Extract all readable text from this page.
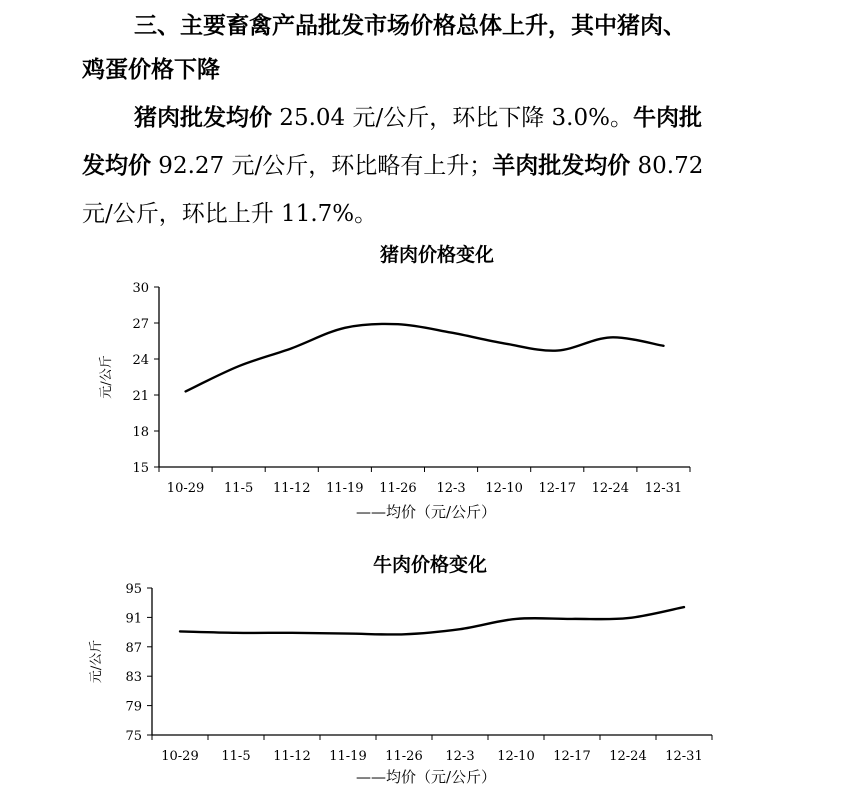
三、主要畜禽产品批发市场价格总体上升，其中猪肉、
鸡蛋价格下降
猪肉批发均价 25.04 元/公斤，环比下降 3.0%。牛肉批
发均价 92.27 元/公斤，环比略有上升；羊肉批发均价 80.72
元/公斤，环比上升 11.7%。
猪肉价格变化
15
18
21
24
27
30
10-29 11-5 11-12 11-19 11-26 12-3 12-10 12-17 12-24 12-31
元/公斤
——均价（元/公斤）
牛肉价格变化
75
79
83
87
91
95
10-29 11-5 11-12 11-19 11-26 12-3 12-10 12-17 12-24 12-31
元/公斤
——均价（元/公斤）
